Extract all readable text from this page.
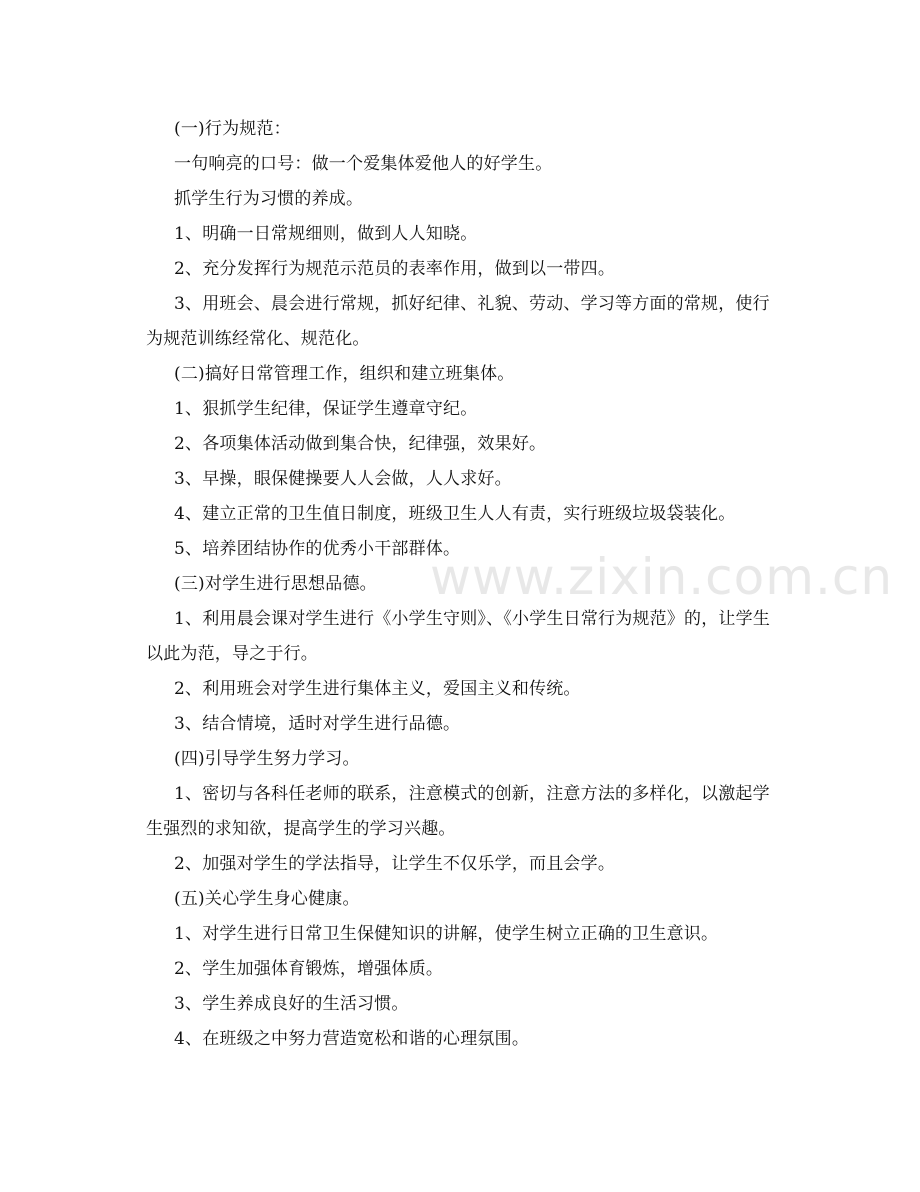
www.zixin.com.cn

(一)行为规范：

一句响亮的口号：做一个爱集体爱他人的好学生。

抓学生行为习惯的养成。

1、明确一日常规细则，做到人人知晓。

2、充分发挥行为规范示范员的表率作用，做到以一带四。

3、用班会、晨会进行常规，抓好纪律、礼貌、劳动、学习等方面的常规，使行为规范训练经常化、规范化。

(二)搞好日常管理工作，组织和建立班集体。

1、狠抓学生纪律，保证学生遵章守纪。

2、各项集体活动做到集合快，纪律强，效果好。

3、早操，眼保健操要人人会做，人人求好。

4、建立正常的卫生值日制度，班级卫生人人有责，实行班级垃圾袋装化。

5、培养团结协作的优秀小干部群体。

(三)对学生进行思想品德。

1、利用晨会课对学生进行《小学生守则》、《小学生日常行为规范》的，让学生以此为范，导之于行。

2、利用班会对学生进行集体主义，爱国主义和传统。

3、结合情境，适时对学生进行品德。

(四)引导学生努力学习。

1、密切与各科任老师的联系，注意模式的创新，注意方法的多样化，以激起学生强烈的求知欲，提高学生的学习兴趣。

2、加强对学生的学法指导，让学生不仅乐学，而且会学。

(五)关心学生身心健康。

1、对学生进行日常卫生保健知识的讲解，使学生树立正确的卫生意识。

2、学生加强体育锻炼，增强体质。

3、学生养成良好的生活习惯。

4、在班级之中努力营造宽松和谐的心理氛围。
